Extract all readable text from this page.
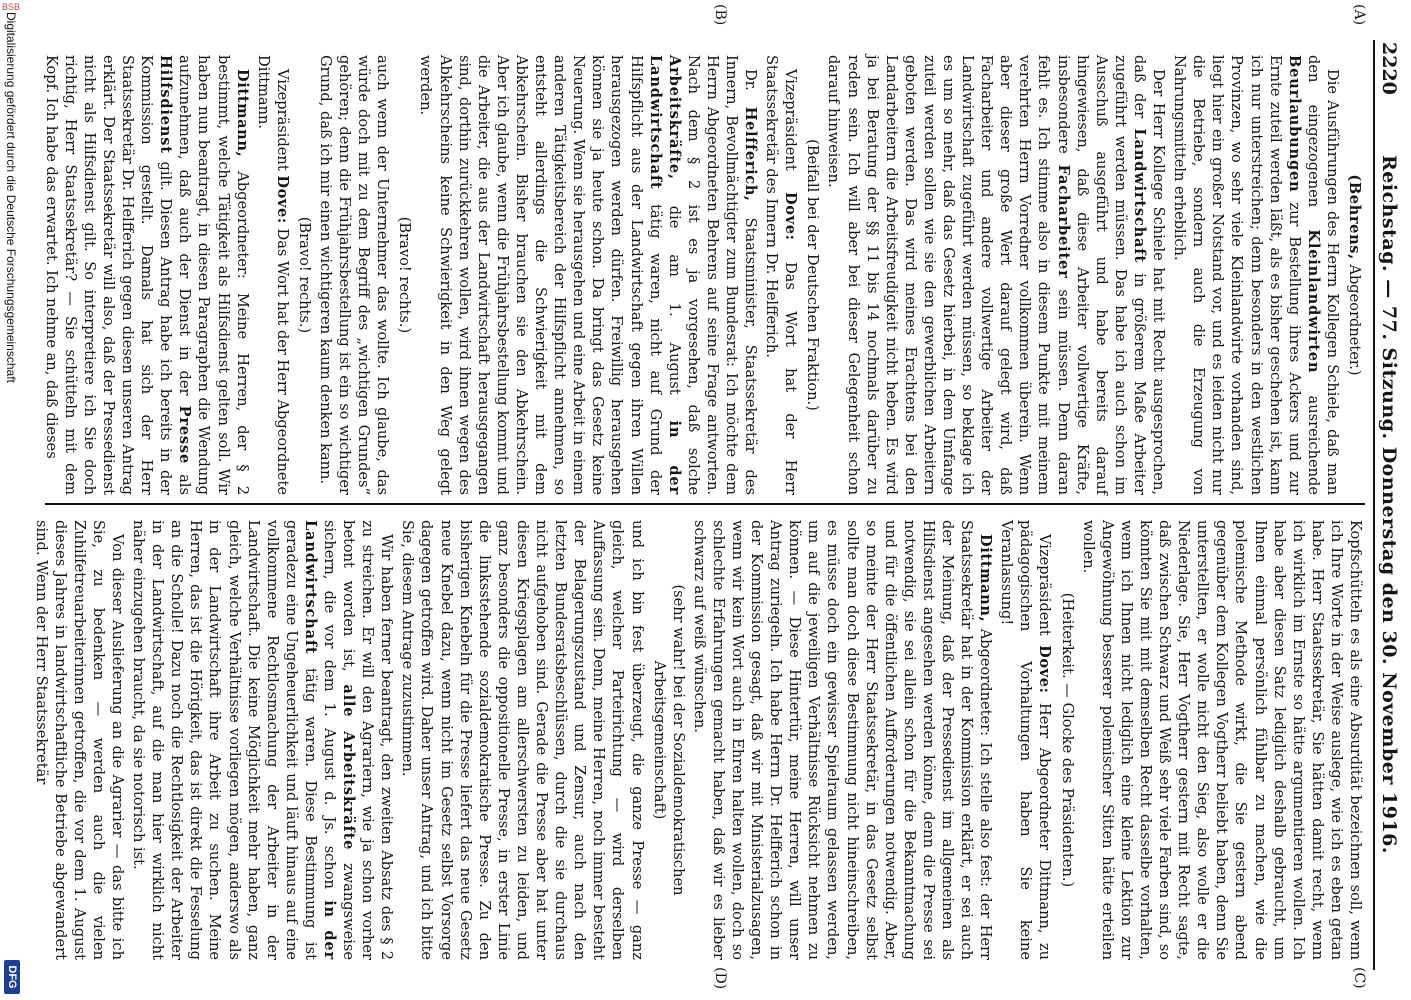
BSB
2220
Reichstag. — 77. Sitzung. Donnerstag den 30. November 1916.
(A)
(B)
(C)
(D)

(Behrens, Abgeordneter.)

Die Ausführungen des Herrn Kollegen Schiele, daß man den eingezogenen Kleinlandwirten ausreichende Beurlaubungen zur Bestellung ihres Ackers und zur Ernte zuteil werden läßt, als es bisher geschehen ist, kann ich nur unterstreichen; denn besonders in den westlichen Provinzen, wo sehr viele Kleinlandwirte vorhanden sind, liegt hier ein großer Notstand vor, und es leiden nicht nur die Betriebe, sondern auch die Erzeugung von Nahrungsmitteln erheblich.

Der Herr Kollege Schiele hat mit Recht ausgesprochen, daß der Landwirtschaft in größerem Maße Arbeiter zugeführt werden müssen. Das habe ich auch schon im Ausschuß ausgeführt und habe bereits darauf hingewiesen, daß diese Arbeiter vollwertige Kräfte, insbesondere Facharbeiter sein müssen. Denn daran fehlt es. Ich stimme also in diesem Punkte mit meinem verehrten Herrn Vorredner vollkommen überein. Wenn aber dieser große Wert darauf gelegt wird, daß Facharbeiter und andere vollwertige Arbeiter der Landwirtschaft zugeführt werden müssen, so beklage ich es um so mehr, daß das Gesetz hierbei, in dem Umfange zuteil werden sollen wie sie den gewerblichen Arbeitern geboten werden. Das wird meines Erachtens bei den Landarbeitern die Arbeitsfreudigkeit nicht heben. Es wird ja bei Beratung der §§ 11 bis 14 nochmals darüber zu reden sein. Ich will aber bei dieser Gelegenheit schon darauf hinweisen.

(Beifall bei der Deutschen Fraktion.)

Vizepräsident Dove: Das Wort hat der Herr Staatssekretär des Innern Dr. Helfferich.

Dr. Helfferich, Staatsminister, Staatssekretär des Innern, Bevollmächtigter zum Bundesrat: Ich möchte dem Herrn Abgeordneten Behrens auf seine Frage antworten. Nach dem § 2 ist es ja vorgesehen, daß solche Arbeitskräfte, die am 1. August in der Landwirtschaft tätig waren, nicht auf Grund der Hilfspflicht aus der Landwirtschaft gegen ihren Willen herausgezogen werden dürfen. Freiwillig herausgehen können sie ja heute schon. Da bringt das Gesetz keine Neuerung. Wenn sie herausgehen und eine Arbeit in einem anderen Tätigkeitsbereich der Hilfspflicht annehmen, so entsteht allerdings die Schwierigkeit mit dem Abkehrschein. Bisher brauchen sie den Abkehrschein. Aber ich glaube, wenn die Frühjahrsbestellung kommt und die Arbeiter, die aus der Landwirtschaft herausgegangen sind, dorthin zurückkehren wollen, wird ihnen wegen des Abkehrscheins keine Schwierigkeit in den Weg gelegt werden.

(Bravo! rechts.)

auch wenn der Unternehmer das wollte. Ich glaube, das würde doch mit zu dem Begriff des „wichtigen Grundes“ gehören; denn die Frühjahrsbestellung ist ein so wichtiger Grund, daß ich mir einen wichtigeren kaum denken kann.

(Bravo! rechts.)

Vizepräsident Dove: Das Wort hat der Herr Abgeordnete Dittmann.

Dittmann, Abgeordneter: Meine Herren, der § 2 bestimmt, welche Tätigkeit als Hilfsdienst gelten soll. Wir haben nun beantragt, in diesen Paragraphen die Wendung aufzunehmen, daß auch der Dienst in der Presse als Hilfsdienst gilt. Diesen Antrag habe ich bereits in der Kommission gestellt. Damals hat sich der Herr Staatssekretär Dr. Helfferich gegen diesen unseren Antrag erklärt. Der Staatssekretär will also, daß der Pressedienst nicht als Hilfsdienst gilt. So interpretiere ich Sie doch richtig, Herr Staatssekretär? — Sie schütteln mit dem Kopf. Ich habe das erwartet. Ich nehme an, daß dieses

Kopfschütteln es als eine Absurdität bezeichnen soll, wenn ich Ihre Worte in der Weise auslege, wie ich es eben getan habe. Herr Staatssekretär, Sie hätten damit recht, wenn ich wirklich im Ernste so hätte argumentieren wollen. Ich habe aber diesen Satz lediglich deshalb gebraucht, um Ihnen einmal persönlich fühlbar zu machen, wie die polemische Methode wirkt, die Sie gestern abend gegenüber dem Kollegen Vogtherr beliebt haben, denn Sie unterstellten, er wolle nicht den Sieg, also wolle er die Niederlage. Sie, Herr Vogtherr gestern mit Recht sagte, daß zwischen Schwarz und Weiß sehr viele Farben sind, so könnten Sie mit mit demselben Recht dasselbe vorhalten, wenn ich Ihnen nicht lediglich eine kleine Lektion zur Angewöhnung besserer polemischer Sitten hätte erteilen wollen.

(Heiterkeit. — Glocke des Präsidenten.)

Vizepräsident Dove: Herr Abgeordneter Dittmann, zu pädagogischen Vorhaltungen haben Sie keine Veranlassung!

Dittmann, Abgeordneter: Ich stelle also fest: der Herr Staatssekretär hat in der Kommission erklärt, er sei auch der Meinung, daß der Pressedienst im allgemeinen als Hilfsdienst angesehen werden könne, denn die Presse sei notwendig, sie sei allein schon für die Bekanntmachung und für die öffentlichen Aufforderungen notwendig. Aber, so meinte der Herr Staatssekretär, in das Gesetz selbst sollte man doch diese Bestimmung nicht hineinschreiben, es müsse doch ein gewisser Spielraum gelassen werden, um auf die jeweiligen Verhältnisse Rücksicht nehmen zu können. — Diese Hintertür, meine Herren, will unser Antrag zuriegeln. Ich habe Herrn Dr. Helfferich schon in der Kommission gesagt, daß wir mit Ministerialzusagen, wenn wir kein Wort auch in Ehren halten wollen, doch so schlechte Erfahrungen gemacht haben, daß wir es lieber schwarz auf weiß wünschen.

(sehr wahr! bei der Sozialdemokratischen Arbeitsgemeinschaft)

und ich bin fest überzeugt, die ganze Presse — ganz gleich, welcher Parteirichtung — wird derselben Auffassung sein. Denn, meine Herren, noch immer besteht der Belagerungszustand und Zensur, auch nach den letzten Bundesratsbeschlüssen, durch die sie durchaus nicht aufgehoben sind. Gerade die Presse aber hat unter diesen Kriegsplagen am allerschwersten zu leiden, und ganz besonders die oppositionelle Presse, in erster Linie die linksstehende sozialdemokratische Presse. Zu den bisherigen Knebeln für die Presse liefert das neue Gesetz neue Knebel dazu, wenn nicht im Gesetz selbst Vorsorge dagegen getroffen wird. Daher unser Antrag, und ich bitte Sie, diesem Antrage zuzustimmen.

Wir haben ferner beantragt, den zweiten Absatz des § 2 zu streichen. Er will den Agrariern, wie ja schon vorher betont worden ist, alle Arbeitskräfte zwangsweise sichern, die vor dem 1. August d. Js. schon in der Landwirtschaft tätig waren. Diese Bestimmung ist geradezu eine Ungeheuerlichkeit und läuft hinaus auf eine vollkommene Rechtlosmachung der Arbeiter in der Landwirtschaft. Die keine Möglichkeit mehr haben, ganz gleich, welche Verhältnisse vorliegen mögen, anderswo als in der Landwirtschaft ihre Arbeit zu suchen. Meine Herren, das ist die Hörigkeit, das ist direkt die Fesselung an die Scholle! Dazu noch die Rechtlosigkeit der Arbeiter in der Landwirtschaft, auf die man hier wirklich nicht näher einzugehen braucht, da sie notorisch ist.

Von dieser Auslieferung an die Agrarier — das bitte ich Sie, zu bedenken — werden auch die vielen Zuhilfetreuarbeiterinnen getroffen, die vor dem 1. August dieses Jahres in landwirtschaftliche Betriebe abgewandert sind. Wenn der Herr Staatssekretär

Digitalisierung gefördert durch die Deutsche Forschungsgemeinschaft
DFG
